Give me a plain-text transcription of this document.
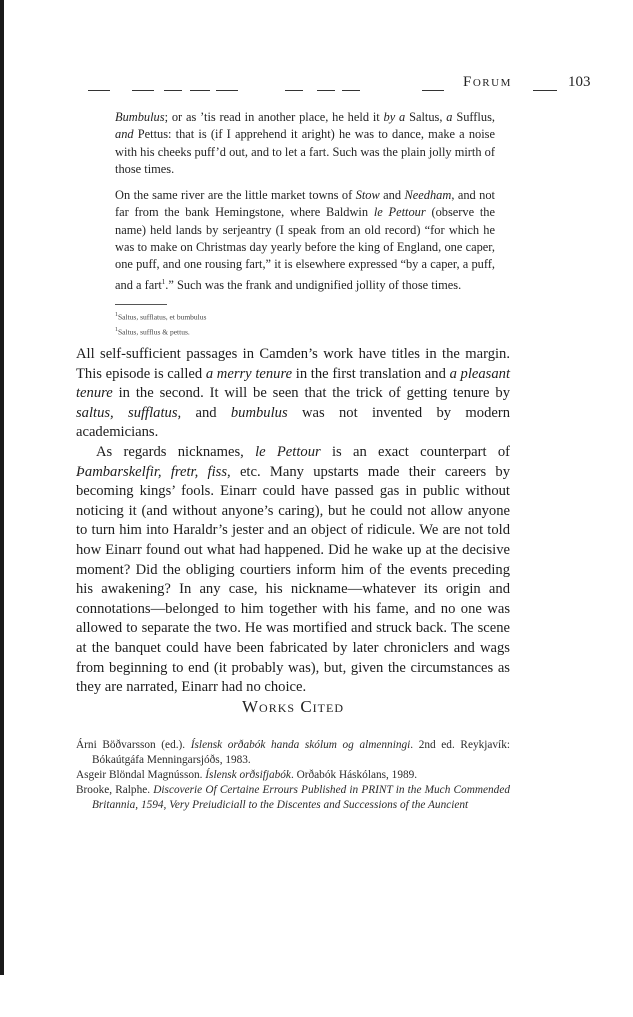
Forum	103

Bumbulus; or as ’tis read in another place, he held it by a Saltus, a Sufflus, and Pettus: that is (if I apprehend it aright) he was to dance, make a noise with his cheeks puff’d out, and to let a fart. Such was the plain jolly mirth of those times.

On the same river are the little market towns of Stow and Needham, and not far from the bank Hemingstone, where Baldwin le Pettour (observe the name) held lands by serjeantry (I speak from an old record) “for which he was to make on Christmas day yearly before the king of England, one caper, one puff, and one rousing fart,” it is elsewhere expressed “by a caper, a puff, and a fart$^1$.” Such was the frank and undignified jollity of those times.

$^1$Saltus, sufflatus, et bumbulus
$^1$Saltus, sufflus & pettus.

All self-sufficient passages in Camden’s work have titles in the margin. This episode is called a merry tenure in the first translation and a pleasant tenure in the second. It will be seen that the trick of getting tenure by saltus, sufflatus, and bumbulus was not invented by modern academicians.

As regards nicknames, le Pettour is an exact counterpart of Þambarskelfir, fretr, fiss, etc. Many upstarts made their careers by becoming kings’ fools. Einarr could have passed gas in public without noticing it (and without anyone’s caring), but he could not allow anyone to turn him into Haraldr’s jester and an object of ridicule. We are not told how Einarr found out what had happened. Did he wake up at the decisive moment? Did the obliging courtiers inform him of the events preceding his awakening? In any case, his nickname—whatever its origin and connotations—belonged to him together with his fame, and no one was allowed to separate the two. He was mortified and struck back. The scene at the banquet could have been fabricated by later chroniclers and wags from beginning to end (it probably was), but, given the circumstances as they are narrated, Einarr had no choice.

Works Cited
Árni Böðvarsson (ed.). Íslensk orðabók handa skólum og almenningi. 2nd ed. Reykjavík: Bókaútgáfa Menningarsjóðs, 1983.
Asgeir Blöndal Magnússon. Íslensk orðsifjabók. Orðabók Háskólans, 1989.
Brooke, Ralphe. Discoverie Of Certaine Errours Published in PRINT in the Much Commended Britannia, 1594, Very Preiudiciall to the Discentes and Successions of the Auncient
